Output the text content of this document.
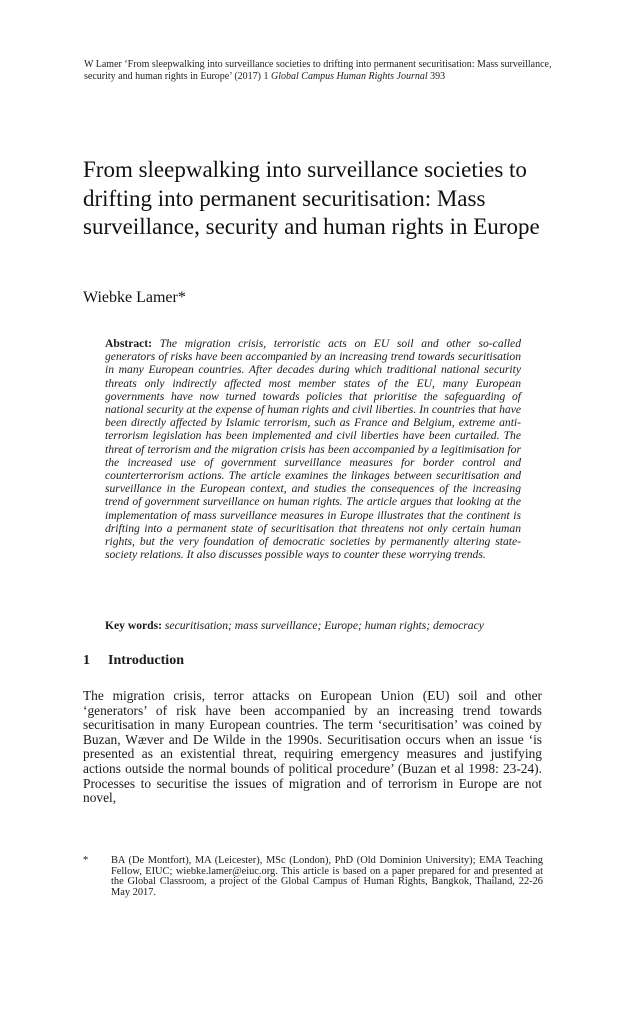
W Lamer ‘From sleepwalking into surveillance societies to drifting into permanent securitisation: Mass surveillance, security and human rights in Europe’ (2017) 1 Global Campus Human Rights Journal 393
From sleepwalking into surveillance societies to drifting into permanent securitisation: Mass surveillance, security and human rights in Europe
Wiebke Lamer*

Abstract: The migration crisis, terroristic acts on EU soil and other so-called generators of risks have been accompanied by an increasing trend towards securitisation in many European countries. After decades during which traditional national security threats only indirectly affected most member states of the EU, many European governments have now turned towards policies that prioritise the safeguarding of national security at the expense of human rights and civil liberties. In countries that have been directly affected by Islamic terrorism, such as France and Belgium, extreme anti-terrorism legislation has been implemented and civil liberties have been curtailed. The threat of terrorism and the migration crisis has been accompanied by a legitimisation for the increased use of government surveillance measures for border control and counterterrorism actions. The article examines the linkages between securitisation and surveillance in the European context, and studies the consequences of the increasing trend of government surveillance on human rights. The article argues that looking at the implementation of mass surveillance measures in Europe illustrates that the continent is drifting into a permanent state of securitisation that threatens not only certain human rights, but the very foundation of democratic societies by permanently altering state-society relations. It also discusses possible ways to counter these worrying trends.

Key words: securitisation; mass surveillance; Europe; human rights; democracy
1 Introduction

The migration crisis, terror attacks on European Union (EU) soil and other ‘generators’ of risk have been accompanied by an increasing trend towards securitisation in many European countries. The term ‘securitisation’ was coined by Buzan, Wæver and De Wilde in the 1990s. Securitisation occurs when an issue ‘is presented as an existential threat, requiring emergency measures and justifying actions outside the normal bounds of political procedure’ (Buzan et al 1998: 23-24). Processes to securitise the issues of migration and of terrorism in Europe are not novel,

* BA (De Montfort), MA (Leicester), MSc (London), PhD (Old Dominion University); EMA Teaching Fellow, EIUC; wiebke.lamer@eiuc.org. This article is based on a paper prepared for and presented at the Global Classroom, a project of the Global Campus of Human Rights, Bangkok, Thailand, 22-26 May 2017.
